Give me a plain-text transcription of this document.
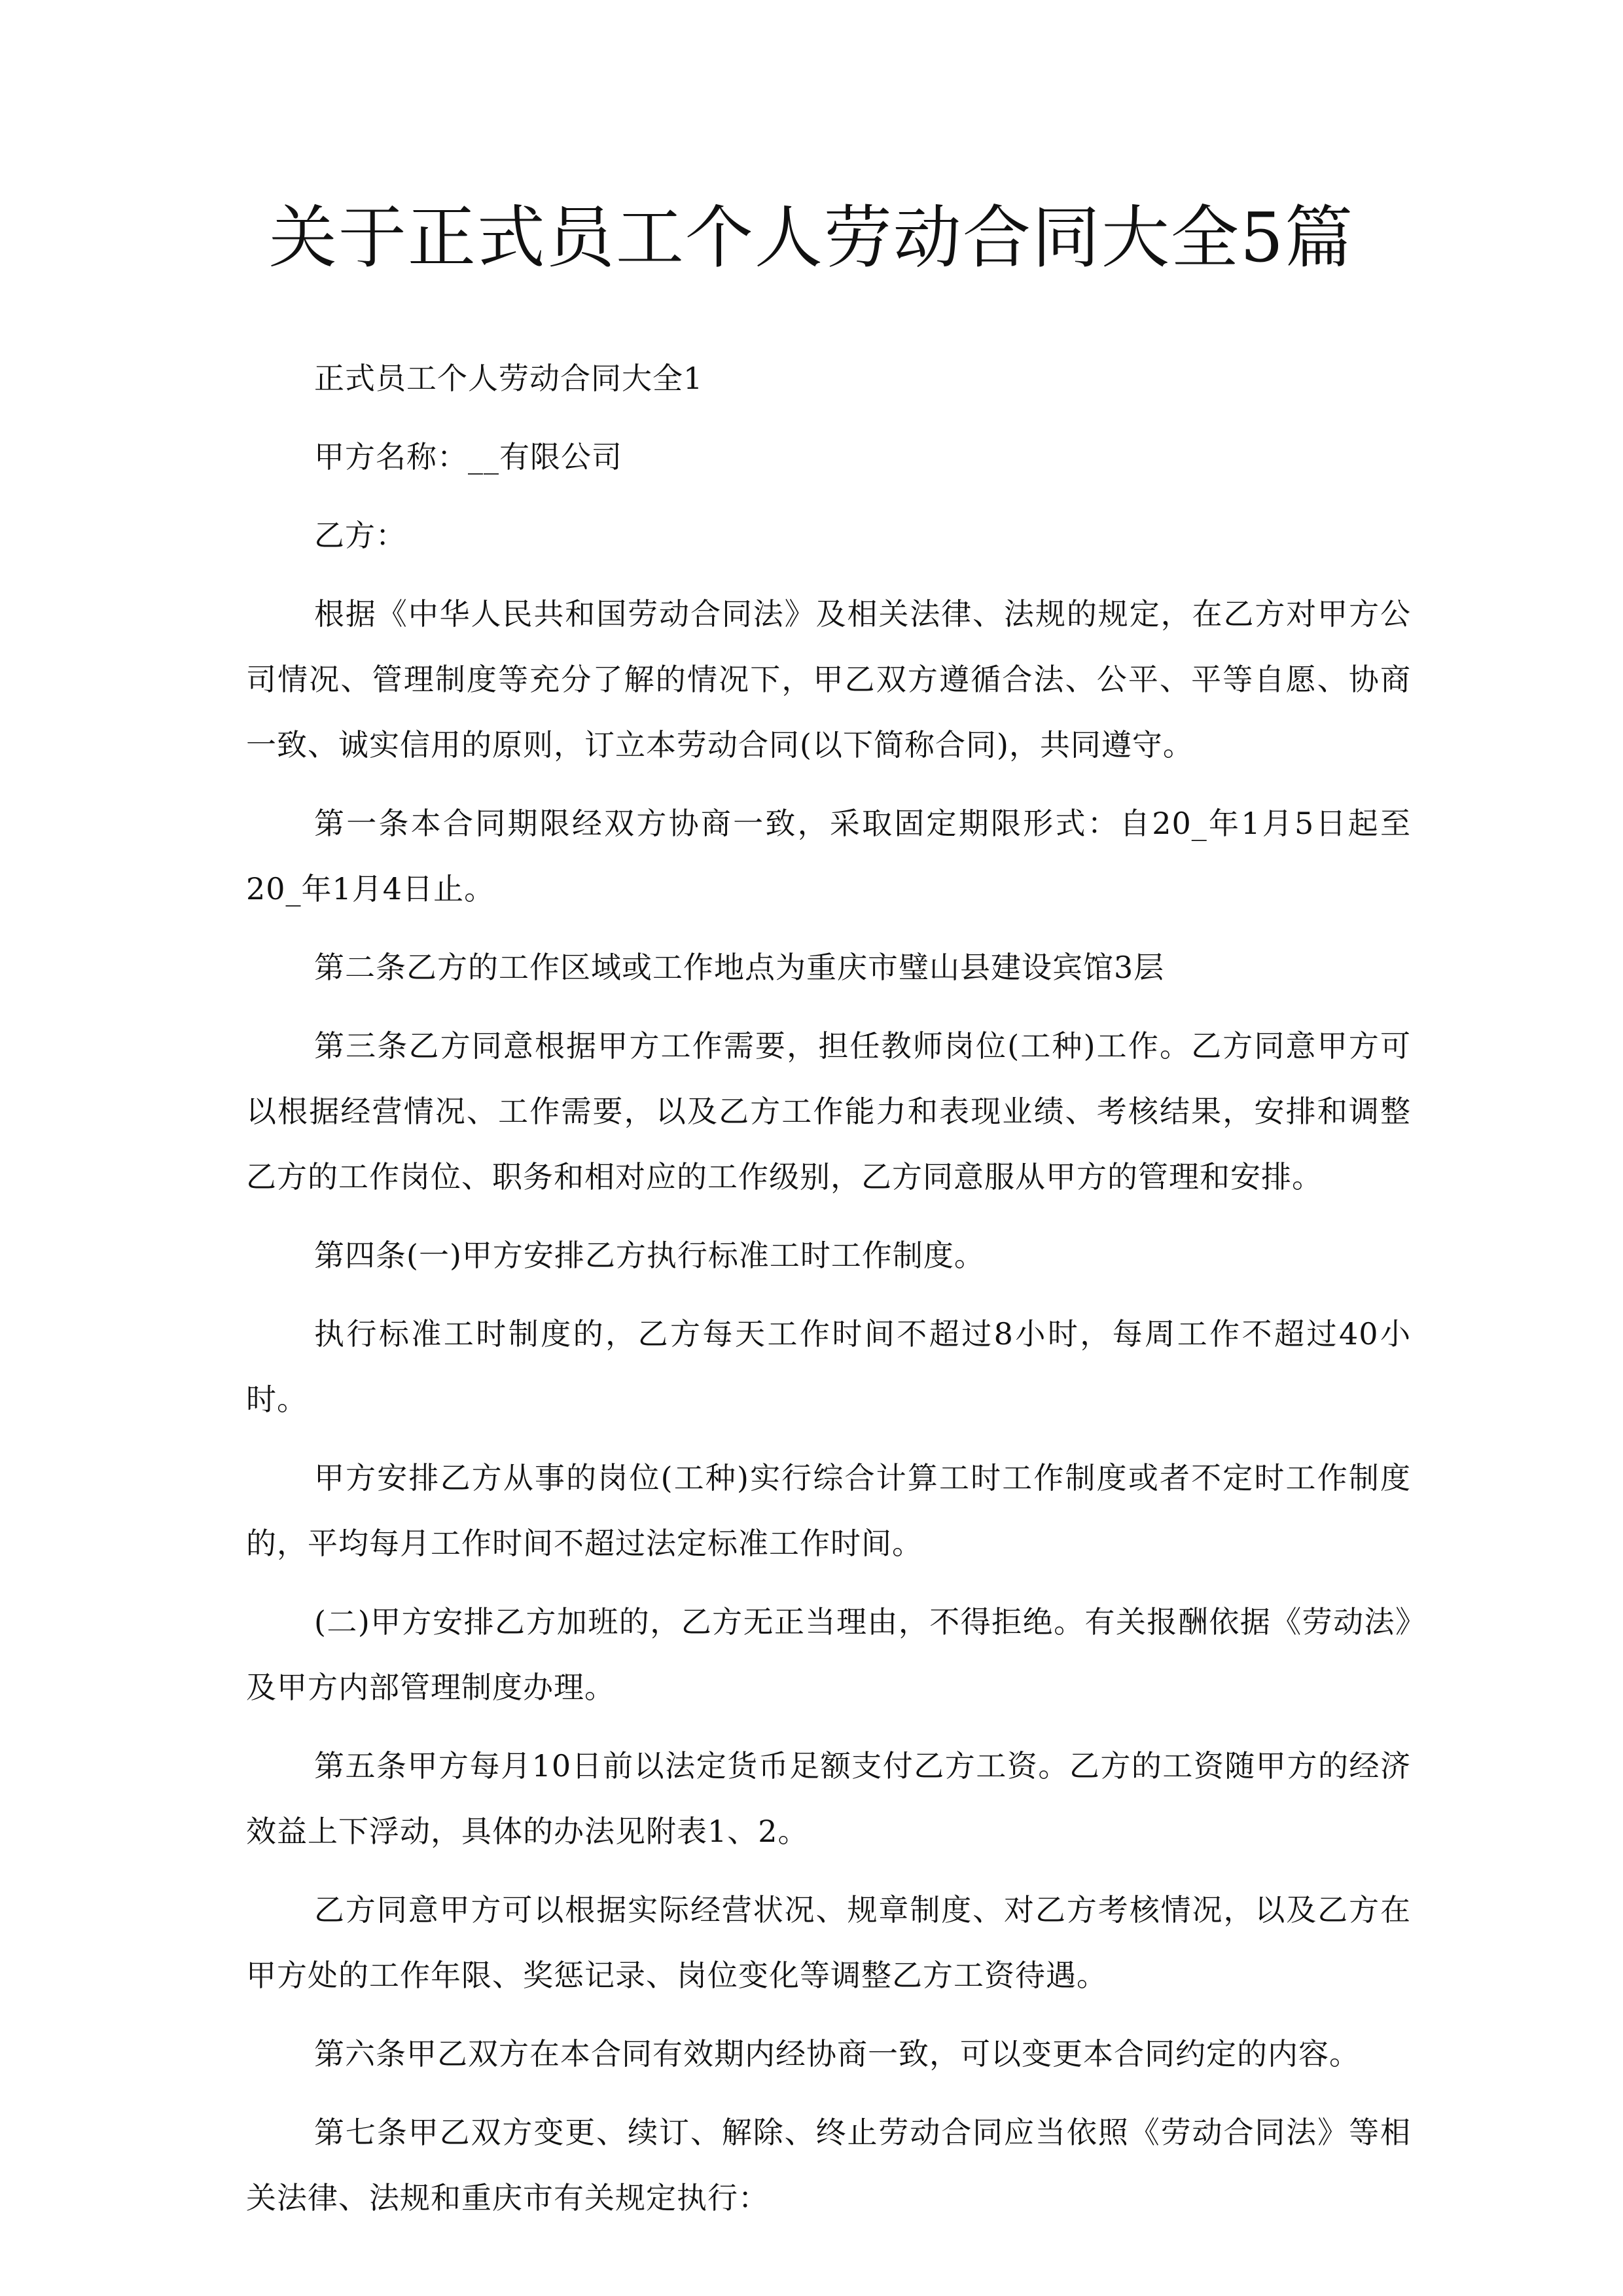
关于正式员工个人劳动合同大全5篇

正式员工个人劳动合同大全1

甲方名称：__有限公司

乙方：

根据《中华人民共和国劳动合同法》及相关法律、法规的规定，在乙方对甲方公司情况、管理制度等充分了解的情况下，甲乙双方遵循合法、公平、平等自愿、协商一致、诚实信用的原则，订立本劳动合同(以下简称合同)，共同遵守。

第一条本合同期限经双方协商一致，采取固定期限形式：自20_年1月5日起至20_年1月4日止。

第二条乙方的工作区域或工作地点为重庆市璧山县建设宾馆3层

第三条乙方同意根据甲方工作需要，担任教师岗位(工种)工作。乙方同意甲方可以根据经营情况、工作需要，以及乙方工作能力和表现业绩、考核结果，安排和调整乙方的工作岗位、职务和相对应的工作级别，乙方同意服从甲方的管理和安排。

第四条(一)甲方安排乙方执行标准工时工作制度。

执行标准工时制度的，乙方每天工作时间不超过8小时，每周工作不超过40小时。

甲方安排乙方从事的岗位(工种)实行综合计算工时工作制度或者不定时工作制度的，平均每月工作时间不超过法定标准工作时间。

(二)甲方安排乙方加班的，乙方无正当理由，不得拒绝。有关报酬依据《劳动法》及甲方内部管理制度办理。

第五条甲方每月10日前以法定货币足额支付乙方工资。乙方的工资随甲方的经济效益上下浮动，具体的办法见附表1、2。

乙方同意甲方可以根据实际经营状况、规章制度、对乙方考核情况，以及乙方在甲方处的工作年限、奖惩记录、岗位变化等调整乙方工资待遇。

第六条甲乙双方在本合同有效期内经协商一致，可以变更本合同约定的内容。

第七条甲乙双方变更、续订、解除、终止劳动合同应当依照《劳动合同法》等相关法律、法规和重庆市有关规定执行：
